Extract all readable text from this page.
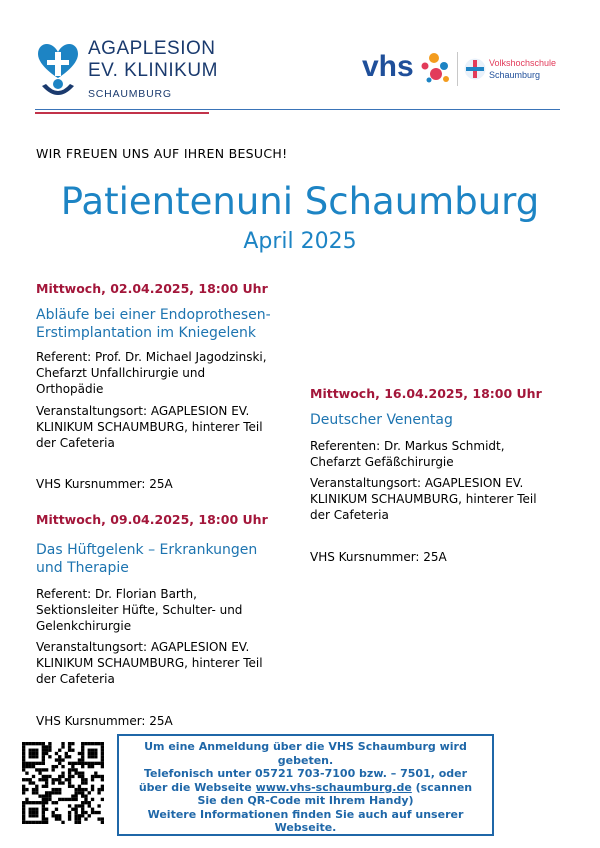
AGAPLESION
EV. KLINIKUM
SCHAUMBURG
vhs	Volkshochschule
Schaumburg
WIR FREUEN UNS AUF IHREN BESUCH!
Patientenuni Schaumburg
April 2025
Mittwoch, 02.04.2025, 18:00 Uhr
Abläufe bei einer Endoprothesen-
Erstimplantation im Kniegelenk
Referent: Prof. Dr. Michael Jagodzinski,
Chefarzt Unfallchirurgie und
Orthopädie
Veranstaltungsort: AGAPLESION EV.
KLINIKUM SCHAUMBURG, hinterer Teil
der Cafeteria
VHS Kursnummer: 25A
Mittwoch, 09.04.2025, 18:00 Uhr
Das Hüftgelenk – Erkrankungen
und Therapie
Referent: Dr. Florian Barth,
Sektionsleiter Hüfte, Schulter- und
Gelenkchirurgie
Veranstaltungsort: AGAPLESION EV.
KLINIKUM SCHAUMBURG, hinterer Teil
der Cafeteria
VHS Kursnummer: 25A
Mittwoch, 16.04.2025, 18:00 Uhr
Deutscher Venentag
Referenten: Dr. Markus Schmidt,
Chefarzt Gefäßchirurgie
Veranstaltungsort: AGAPLESION EV.
KLINIKUM SCHAUMBURG, hinterer Teil
der Cafeteria
VHS Kursnummer: 25A
Um eine Anmeldung über die VHS Schaumburg wird
gebeten.
Telefonisch unter 05721 703-7100 bzw. – 7501, oder
über die Webseite www.vhs-schaumburg.de (scannen
Sie den QR-Code mit Ihrem Handy)
Weitere Informationen finden Sie auch auf unserer
Webseite.
